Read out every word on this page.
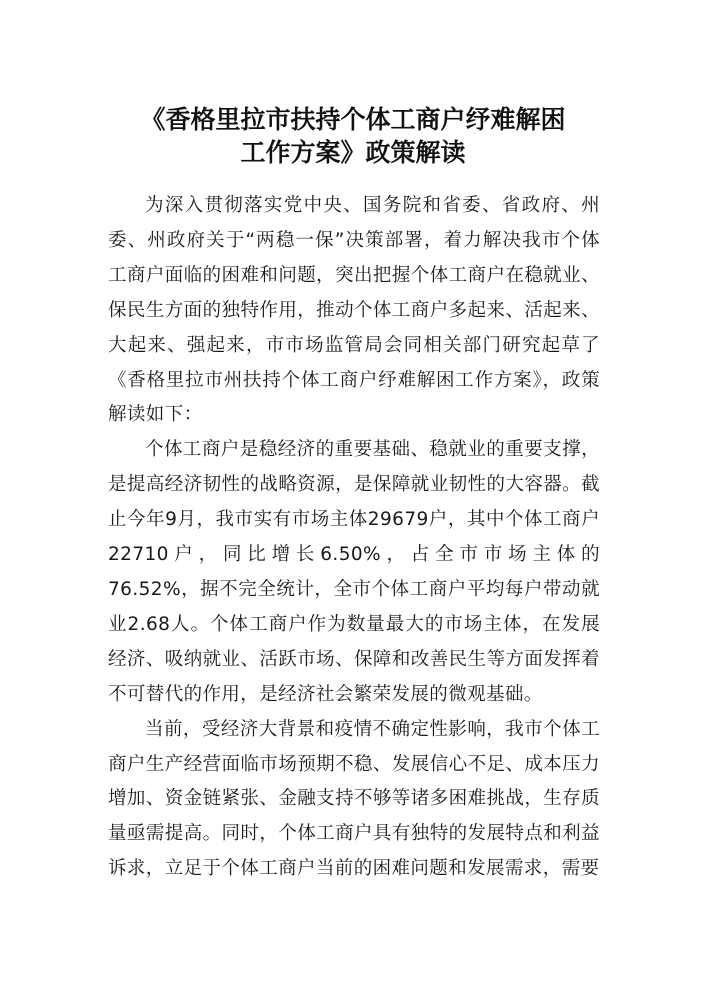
《香格里拉市扶持个体工商户纾难解困
工作方案》政策解读

为深入贯彻落实党中央、国务院和省委、省政府、州委、州政府关于“两稳一保”决策部署，着力解决我市个体工商户面临的困难和问题，突出把握个体工商户在稳就业、保民生方面的独特作用，推动个体工商户多起来、活起来、大起来、强起来，市市场监管局会同相关部门研究起草了《香格里拉市州扶持个体工商户纾难解困工作方案》，政策解读如下：

个体工商户是稳经济的重要基础、稳就业的重要支撑，是提高经济韧性的战略资源，是保障就业韧性的大容器。截止今年9月，我市实有市场主体29679户，其中个体工商户22710户，同比增长6.50%，占全市市场主体的76.52%，据不完全统计，全市个体工商户平均每户带动就业2.68人。个体工商户作为数量最大的市场主体，在发展经济、吸纳就业、活跃市场、保障和改善民生等方面发挥着不可替代的作用，是经济社会繁荣发展的微观基础。

当前，受经济大背景和疫情不确定性影响，我市个体工商户生产经营面临市场预期不稳、发展信心不足、成本压力增加、资金链紧张、金融支持不够等诸多困难挑战，生存质量亟需提高。同时，个体工商户具有独特的发展特点和利益诉求，立足于个体工商户当前的困难问题和发展需求，需要
